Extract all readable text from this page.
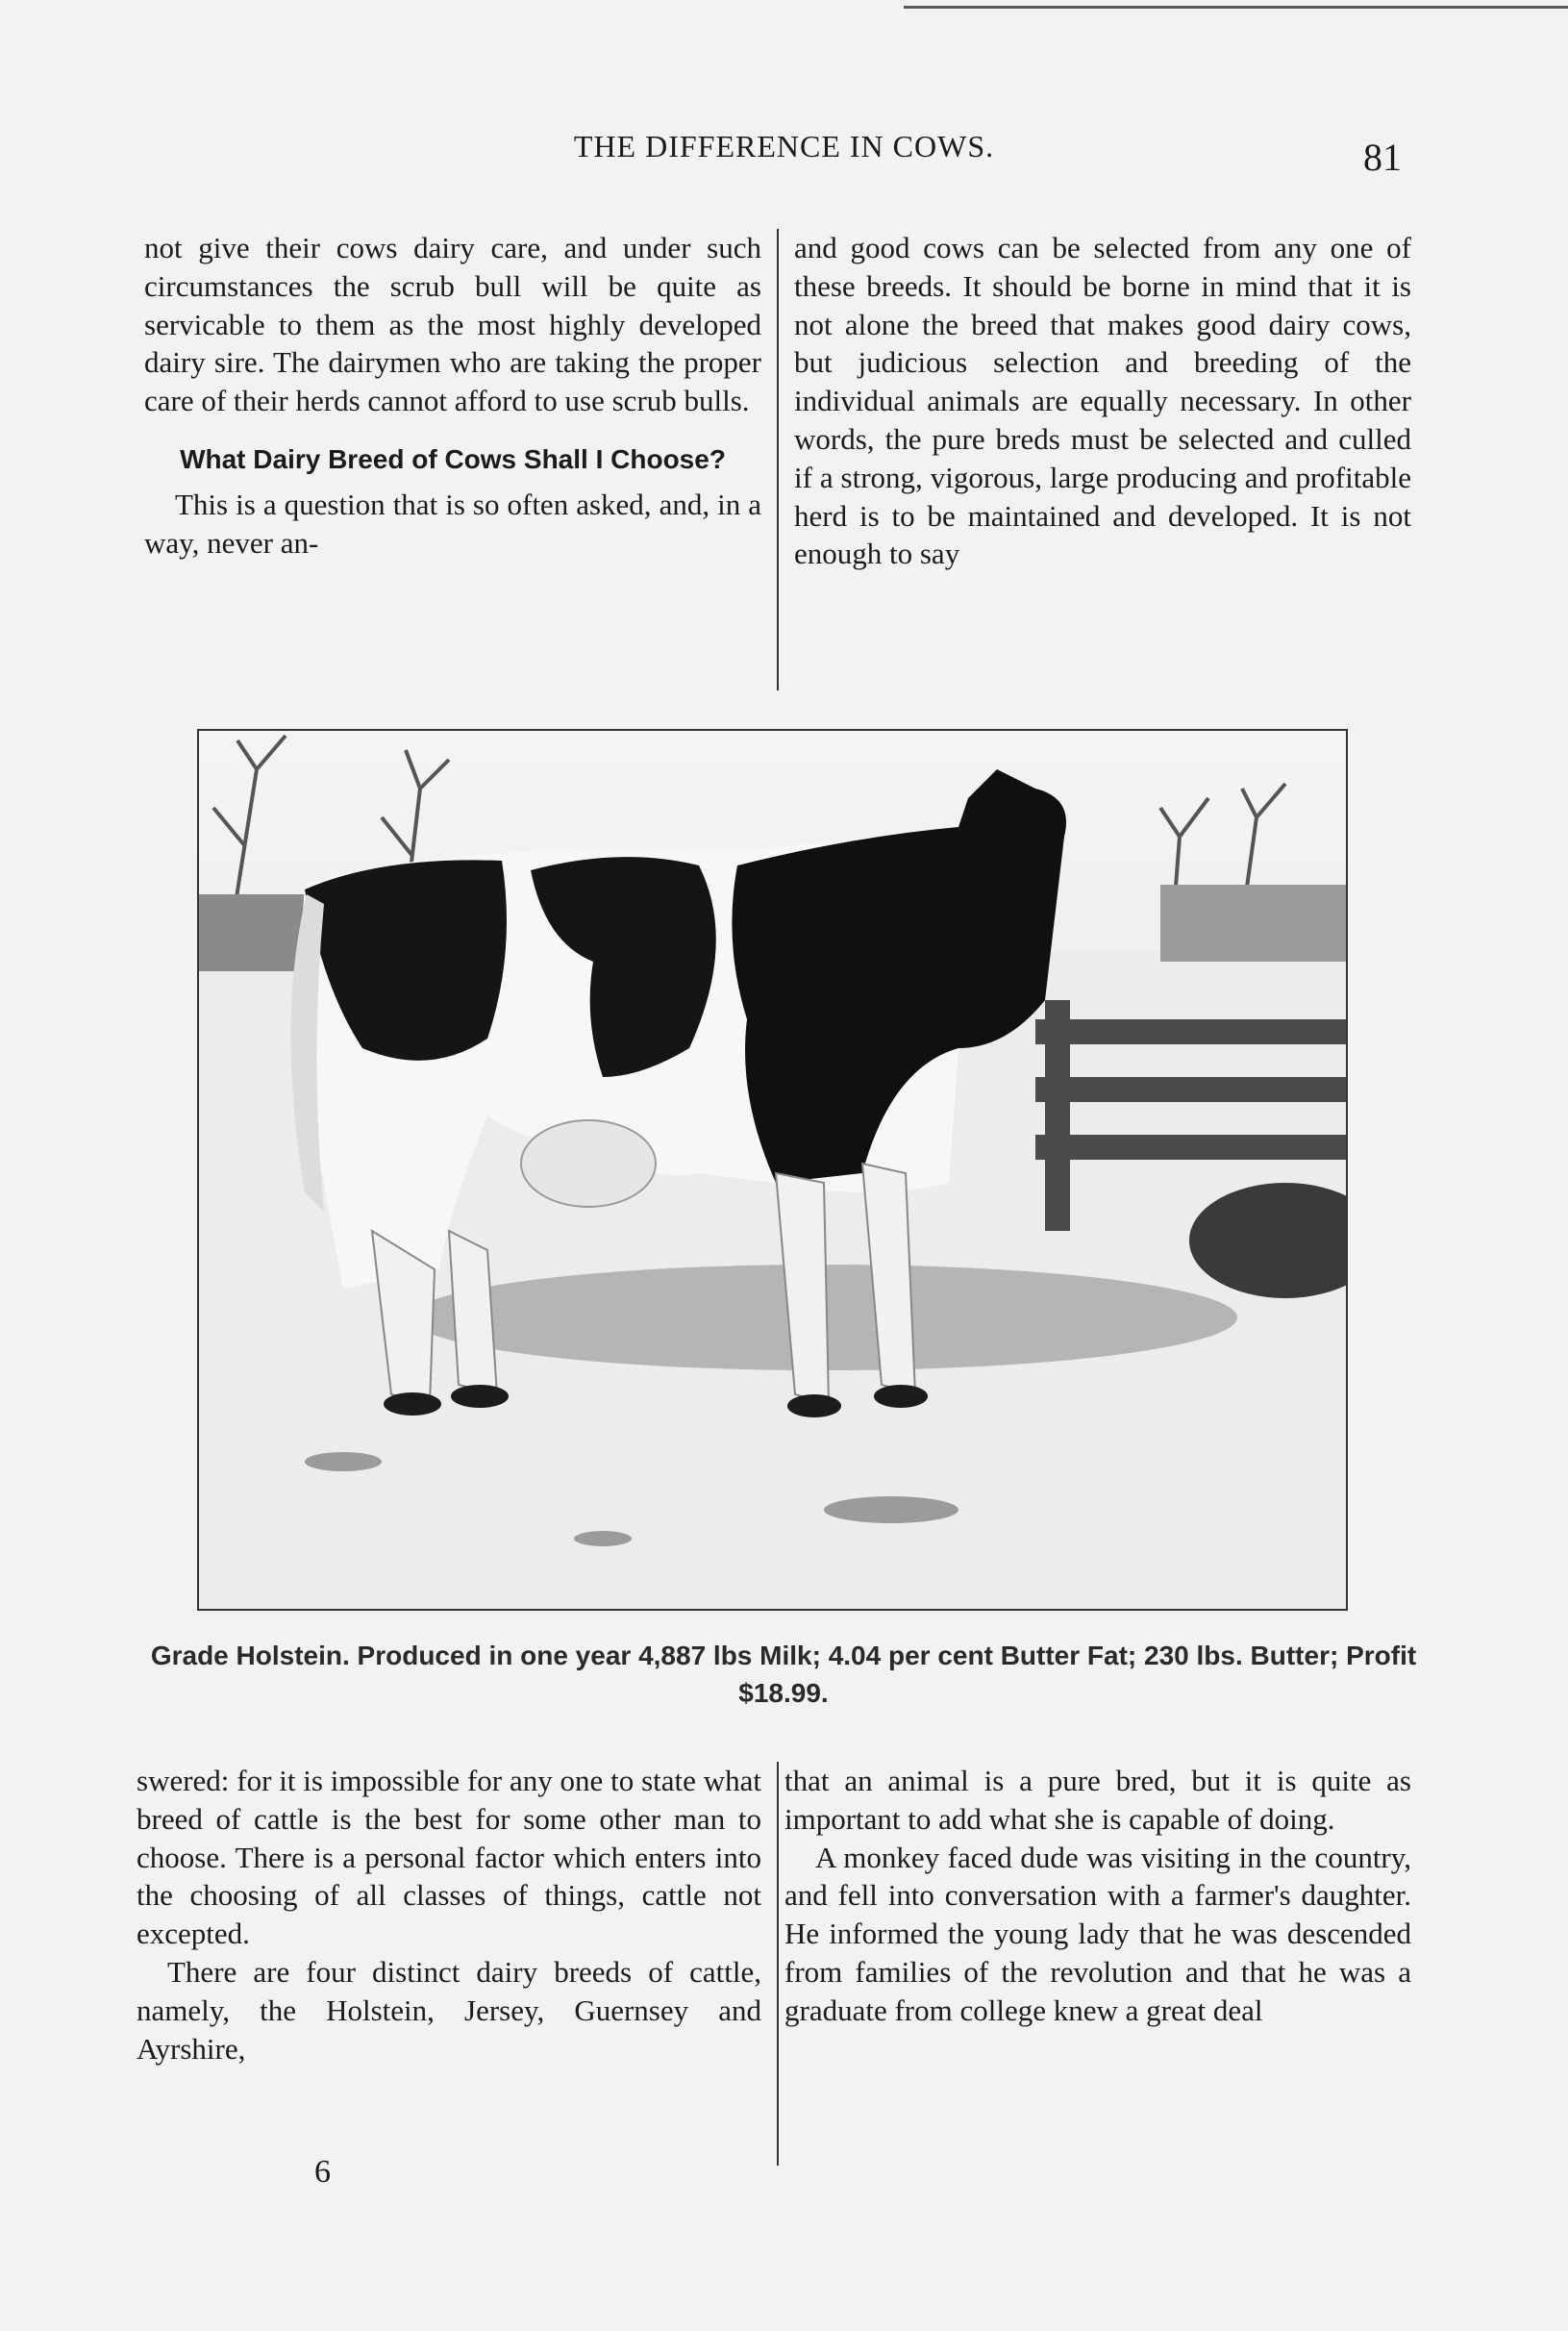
THE DIFFERENCE IN COWS.	81

not give their cows dairy care, and under such circumstances the scrub bull will be quite as servicable to them as the most highly developed dairy sire. The dairymen who are taking the proper care of their herds cannot afford to use scrub bulls.

What Dairy Breed of Cows Shall I Choose?

This is a question that is so often asked, and, in a way, never an-

and good cows can be selected from any one of these breeds. It should be borne in mind that it is not alone the breed that makes good dairy cows, but judicious selection and breeding of the individual animals are equally necessary. In other words, the pure breds must be selected and culled if a strong, vigorous, large producing and profitable herd is to be maintained and developed. It is not enough to say

Grade Holstein. Produced in one year 4,887 lbs Milk; 4.04 per cent Butter Fat; 230 lbs. Butter; Profit $18.99.

swered: for it is impossible for any one to state what breed of cattle is the best for some other man to choose. There is a personal factor which enters into the choosing of all classes of things, cattle not excepted.

There are four distinct dairy breeds of cattle, namely, the Holstein, Jersey, Guernsey and Ayrshire,

that an animal is a pure bred, but it is quite as important to add what she is capable of doing.

A monkey faced dude was visiting in the country, and fell into conversation with a farmer's daughter. He informed the young lady that he was descended from families of the revolution and that he was a graduate from college knew a great deal

6
